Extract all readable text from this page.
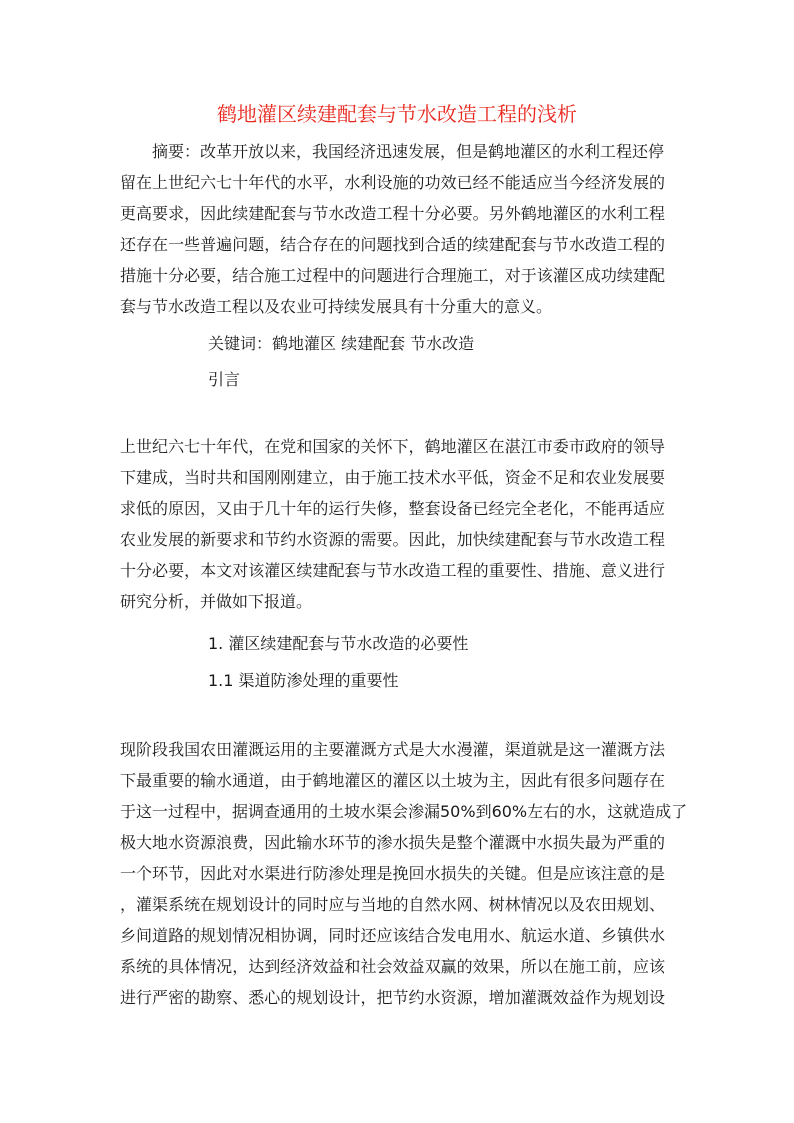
鹤地灌区续建配套与节水改造工程的浅析
摘要：改革开放以来，我国经济迅速发展，但是鹤地灌区的水利工程还停
留在上世纪六七十年代的水平，水利设施的功效已经不能适应当今经济发展的
更高要求，因此续建配套与节水改造工程十分必要。另外鹤地灌区的水利工程
还存在一些普遍问题，结合存在的问题找到合适的续建配套与节水改造工程的
措施十分必要，结合施工过程中的问题进行合理施工，对于该灌区成功续建配
套与节水改造工程以及农业可持续发展具有十分重大的意义。
关键词：鹤地灌区 续建配套 节水改造
引言
上世纪六七十年代，在党和国家的关怀下，鹤地灌区在湛江市委市政府的领导
下建成，当时共和国刚刚建立，由于施工技术水平低，资金不足和农业发展要
求低的原因，又由于几十年的运行失修，整套设备已经完全老化，不能再适应
农业发展的新要求和节约水资源的需要。因此，加快续建配套与节水改造工程
十分必要，本文对该灌区续建配套与节水改造工程的重要性、措施、意义进行
研究分析，并做如下报道。
1. 灌区续建配套与节水改造的必要性
1.1 渠道防渗处理的重要性
现阶段我国农田灌溉运用的主要灌溉方式是大水漫灌，渠道就是这一灌溉方法
下最重要的输水通道，由于鹤地灌区的灌区以土坡为主，因此有很多问题存在
于这一过程中，据调查通用的土坡水渠会渗漏50%到60%左右的水，这就造成了
极大地水资源浪费，因此输水环节的渗水损失是整个灌溉中水损失最为严重的
一个环节，因此对水渠进行防渗处理是挽回水损失的关键。但是应该注意的是
，灌渠系统在规划设计的同时应与当地的自然水网、树林情况以及农田规划、
乡间道路的规划情况相协调，同时还应该结合发电用水、航运水道、乡镇供水
系统的具体情况，达到经济效益和社会效益双赢的效果，所以在施工前，应该
进行严密的勘察、悉心的规划设计，把节约水资源，增加灌溉效益作为规划设
